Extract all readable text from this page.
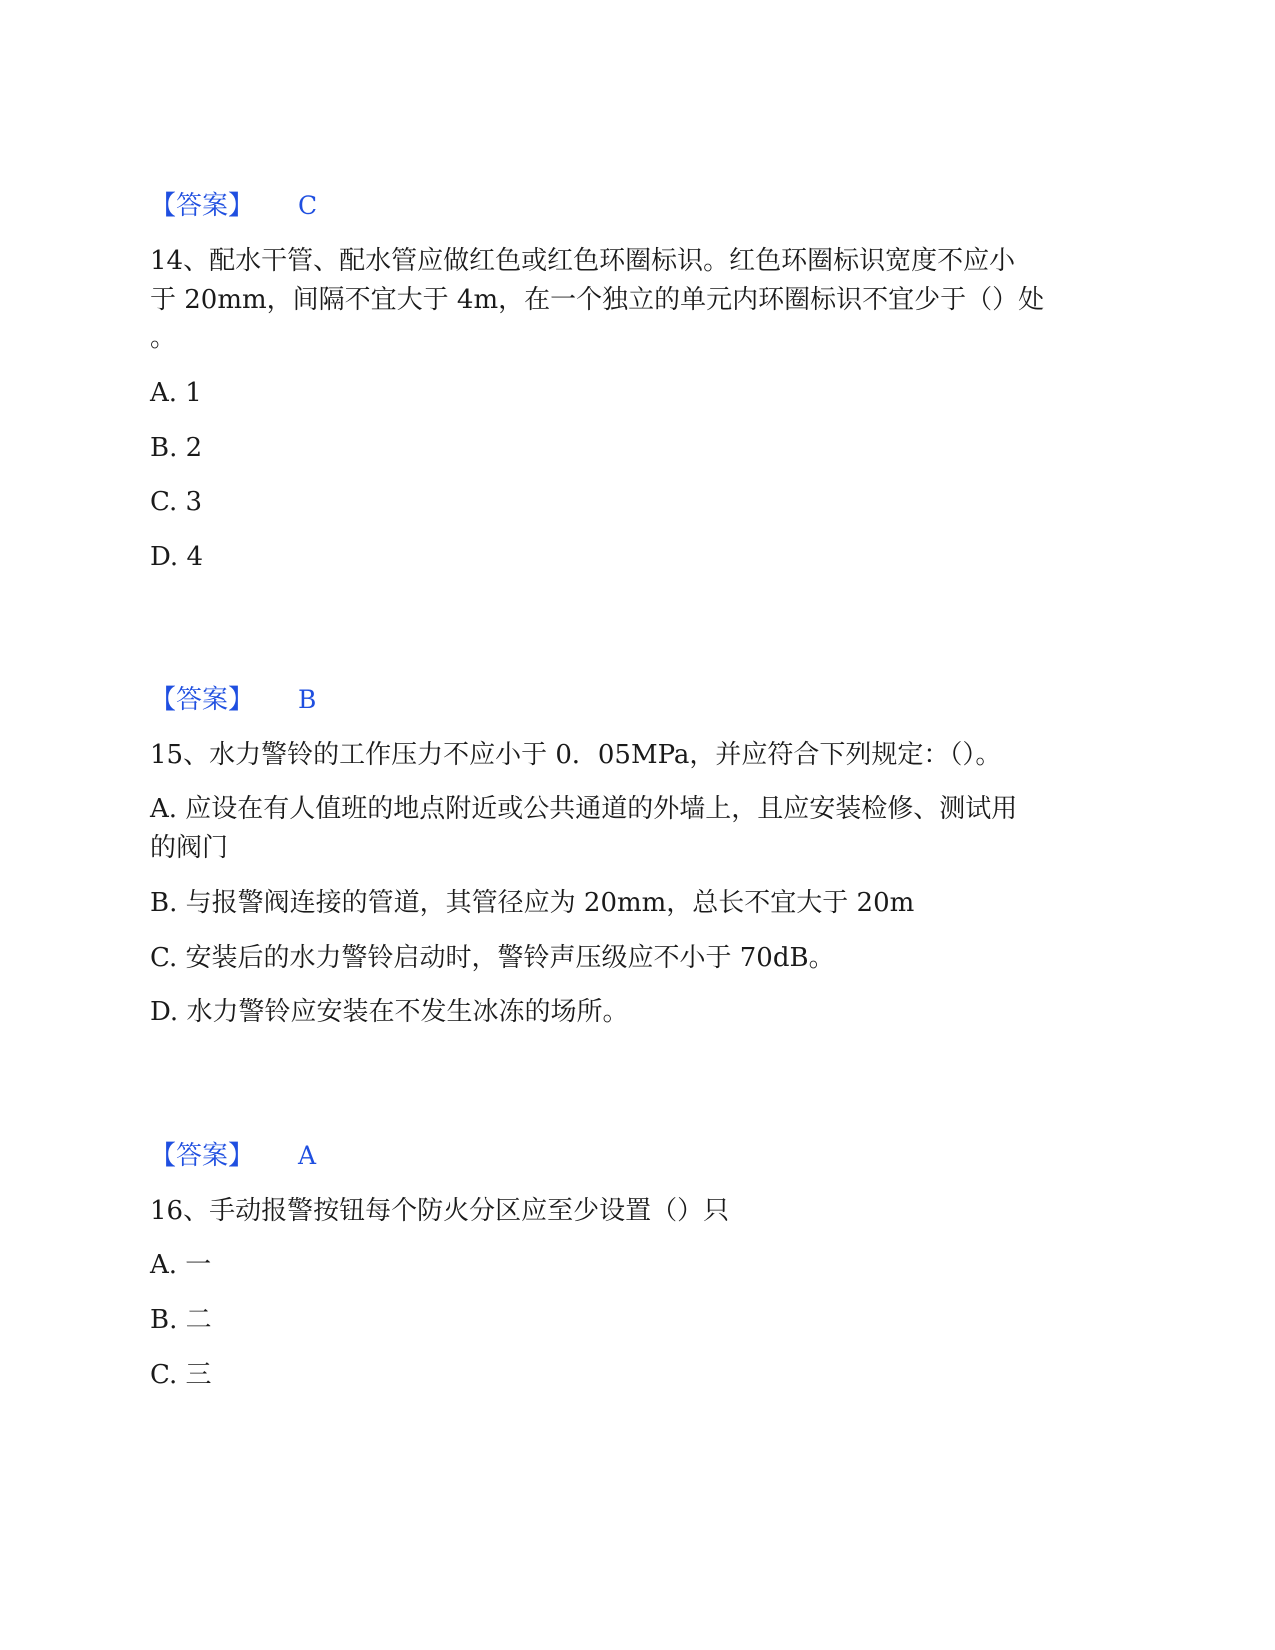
【答案】 C
14、配水干管、配水管应做红色或红色环圈标识。红色环圈标识宽度不应小
于 20mm，间隔不宜大于 4m，在一个独立的单元内环圈标识不宜少于（）处
。
A. 1
B. 2
C. 3
D. 4
【答案】 B
15、水力警铃的工作压力不应小于 0．05MPa，并应符合下列规定：（）。
A. 应设在有人值班的地点附近或公共通道的外墙上，且应安装检修、测试用
的阀门
B. 与报警阀连接的管道，其管径应为 20mm，总长不宜大于 20m
C. 安装后的水力警铃启动时，警铃声压级应不小于 70dB。
D. 水力警铃应安装在不发生冰冻的场所。
【答案】 A
16、手动报警按钮每个防火分区应至少设置（）只
A. 一
B. 二
C. 三
